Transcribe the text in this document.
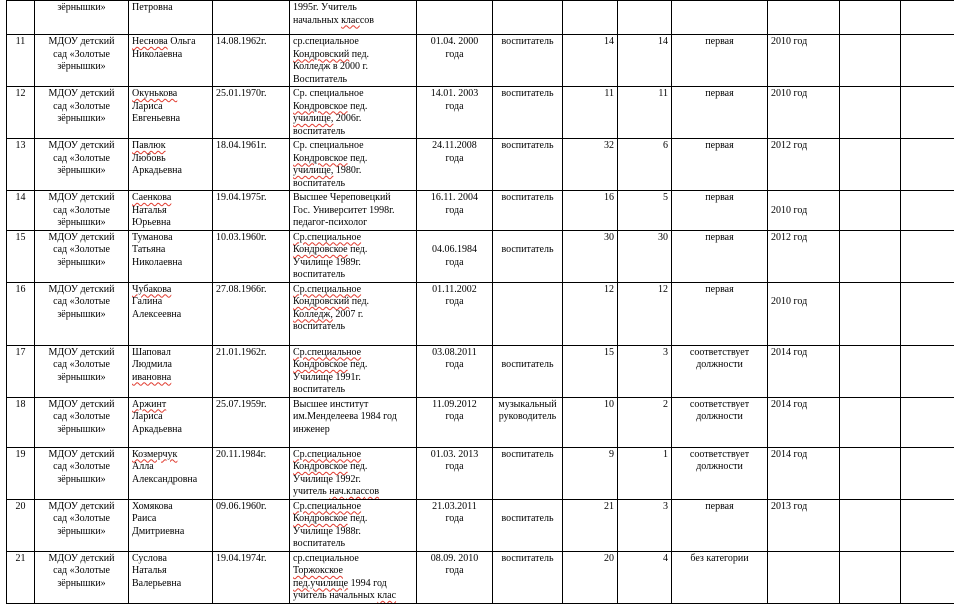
	зёрнышки»	Петровна		1995г. Учитель
начальных классов								
11	МДОУ детский
сад «Золотые
зёрнышки»	Неснова Ольга
Николаевна	14.08.1962г.	ср.специальное
Кондровский пед.
Колледж в 2000 г.
Воспитатель	01.04. 2000
года	воспитатель	14	14	первая	2010 год		
12	МДОУ детский
сад «Золотые
зёрнышки»	Окунькова
Лариса
Евгеньевна	25.01.1970г.	Ср. специальное
Кондровское пед.
училище, 2006г.
воспитатель	14.01. 2003
года	воспитатель	11	11	первая	2010 год		
13	МДОУ детский
сад «Золотые
зёрнышки»	Павлюк
Любовь
Аркадьевна	18.04.1961г.	Ср. специальное
Кондровское пед.
училище, 1980г.
воспитатель	24.11.2008
года	воспитатель	32	6	первая	2012 год		
14	МДОУ детский
сад «Золотые
зёрнышки»	Саенкова
Наталья
Юрьевна	19.04.1975г.	Высшее Череповецкий
Гос. Университет 1998г.
педагог-психолог	16.11. 2004
года	воспитатель	16	5	первая	
2010 год		
15	МДОУ детский
сад «Золотые
зёрнышки»	Туманова
Татьяна
Николаевна	10.03.1960г.	Ср.специальное
Кондровское пед.
Училище 1989г.
воспитатель	
04.06.1984
года	
воспитатель	30	30	первая	2012 год		
16	МДОУ детский
сад «Золотые
зёрнышки»	Чубакова
Галина
Алексеевна	27.08.1966г.	Ср.специальное
Кондровский пед.
Колледж, 2007 г.
воспитатель	01.11.2002
года		12	12	первая	
2010 год		
17	МДОУ детский
сад «Золотые
зёрнышки»	Шаповал
Людмила
ивановна	21.01.1962г.	Ср.специальное
Кондровское пед.
Училище 1991г.
воспитатель	03.08.2011
года	
воспитатель	15	3	соответствует
должности	2014 год		
18	МДОУ детский
сад «Золотые
зёрнышки»	Аржинт
Лариса
Аркадьевна	25.07.1959г.	Высшее институт
им.Менделеева 1984 год
инженер	11.09.2012
года	музыкальный
руководитель	10	2	соответствует
должности	2014 год		
19	МДОУ детский
сад «Золотые
зёрнышки»	Козмерчук
Алла
Александровна	20.11.1984г.	Ср.специальное
Кондровское пед.
Училище 1992г.
учитель нач.классов	01.03. 2013
года	воспитатель	9	1	соответствует
должности	2014 год		
20	МДОУ детский
сад «Золотые
зёрнышки»	Хомякова
Раиса
Дмитриевна	09.06.1960г.	Ср.специальное
Кондровское пед.
Училище 1988г.
воспитатель	21.03.2011
года	
воспитатель	21	3	первая	2013 год		
21	МДОУ детский
сад «Золотые
зёрнышки»	Суслова
Наталья
Валерьевна	19.04.1974г.	ср.специальное
Торжокское
пед.училище 1994 год
учитель начальных клас	08.09. 2010
года	воспитатель	20	4	без категории			
